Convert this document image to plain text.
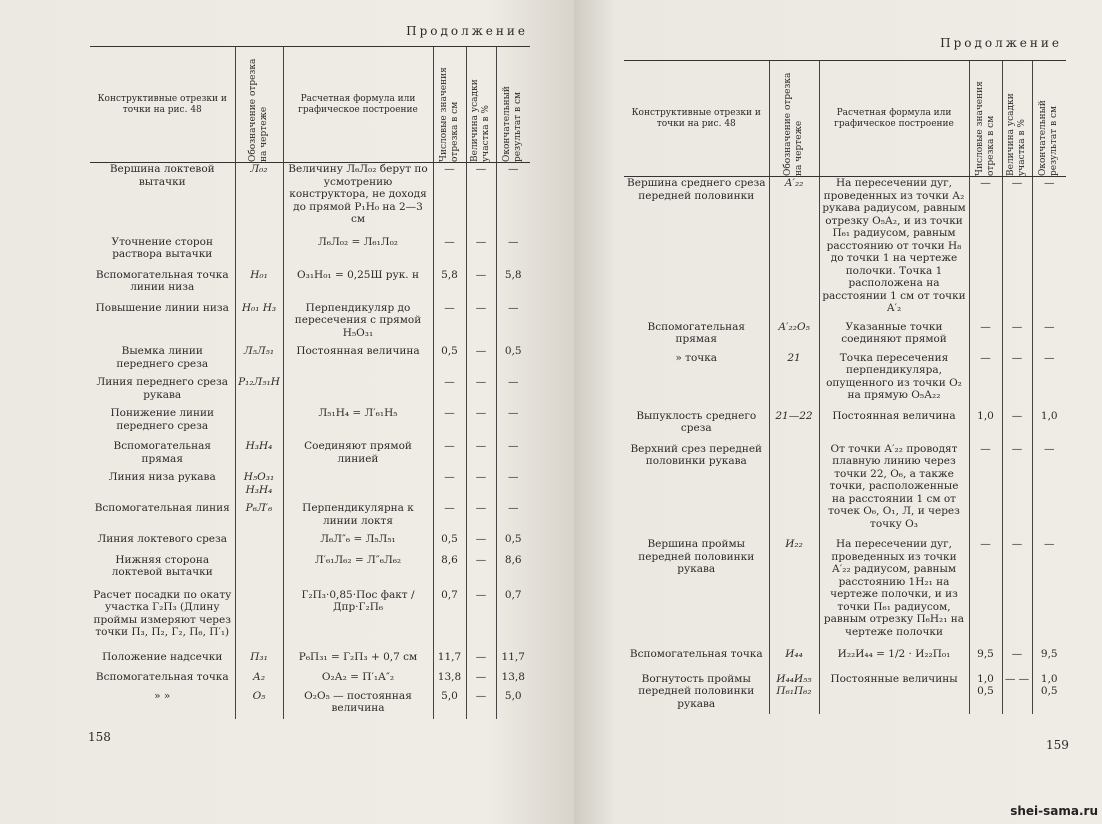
Продолжение
Конструктивные отрезки и точки на рис. 48	Обозначение отрезка на чертеже	Расчетная формула или графическое построение	Числовые значения отрезка в см	Величина усадки участка в %	Окончательный результат в см

Вершина локтевой вытачки	Л₀₂	Величину Л₆Л₀₂ берут по усмотрению конструктора, не доходя до прямой Р₁Н₀ на 2—3 см	—	—	—
Уточнение сторон раствора вытачки		Л₆Л₀₂ = Л₆₁Л₀₂	—	—	—
Вспомогательная точка линии низа	Н₀₁	О₃₁Н₀₁ = 0,25Ш рук. н	5,8	—	5,8
Повышение линии низа	Н₀₁ Н₃	Перпендикуляр до пересечения с прямой Н₅О₃₁	—	—	—
Выемка линии переднего среза	Л₅Л₅₁	Постоянная величина	0,5	—	0,5
Линия переднего среза рукава	Р₁₂Л₅₁Н		—	—	—
Понижение линии переднего среза		Л₅₁Н₄ = Л′₆₁Н₅	—	—	—
Вспомогательная прямая	Н₃Н₄	Соединяют прямой линией	—	—	—
Линия низа рукава	Н₅О₃₁ Н₃Н₄		—	—	—
Вспомогательная линия	Р₆Л′₆	Перпендикулярна к линии локтя	—	—	—
Линия локтевого среза		Л₆Л″₆ = Л₅Л₅₁	0,5	—	0,5
Нижняя сторона локтевой вытачки		Л′₆₁Л₆₂ = Л″₆Л₆₂	8,6	—	8,6
Расчет посадки по окату участка Г₂П₃ (Длину проймы измеряют через точки П₃, П₂, Г₂, П₆, П′₁)		Г₂П₃·0,85·Пос факт / Дпр·Г₂П₆	0,7	—	0,7
Положение надсечки	П₃₁	Р₆П₃₁ = Г₂П₃ + 0,7 см	11,7	—	11,7
Вспомогательная точка	А₂	О₂А₂ = П′₁А″₂	13,8	—	13,8
» »	О₅	О₂О₅ — постоянная величина	5,0	—	5,0
158
Продолжение
Конструктивные отрезки и точки на рис. 48	Обозначение отрезка на чертеже	Расчетная формула или графическое построение	Числовые значения отрезка в см	Величина усадки участка в %	Окончательный результат в см

Вершина среднего среза передней половинки	А′₂₂	На пересечении дуг, проведенных из точки А₂ рукава радиусом, равным отрезку О₅А₂, и из точки П₆₁ радиусом, равным расстоянию от точки Н₈ до точки 1 на чертеже полочки. Точка 1 расположена на расстоянии 1 см от точки А′₂	—	—	—
Вспомогательная прямая	А′₂₂О₅	Указанные точки соединяют прямой	—	—	—
» точка	21	Точка пересечения перпендикуляра, опущенного из точки О₂ на прямую О₅А₂₂	—	—	—
Выпуклость среднего среза	21—22	Постоянная величина	1,0	—	1,0
Верхний срез передней половинки рукава		От точки А′₂₂ проводят плавную линию через точки 22, О₆, а также точки, расположенные на расстоянии 1 см от точек О₆, О₁, Л, и через точку О₃	—	—	—
Вершина проймы передней половинки рукава	И₂₂	На пересечении дуг, проведенных из точки А′₂₂ радиусом, равным расстоянию 1Н₂₁ на чертеже полочки, и из точки П₆₁ радиусом, равным отрезку П₆Н₂₁ на чертеже полочки	—	—	—
Вспомогательная точка	И₄₄	И₂₂И₄₄ = 1/2 · И₂₂П₀₁	9,5	—	9,5
Вогнутость проймы передней половинки рукава	И₄₄И₅₅ П₆₁П₆₂	Постоянные величины	1,0 0,5	— —	1,0 0,5
159
shei-sama.ru
